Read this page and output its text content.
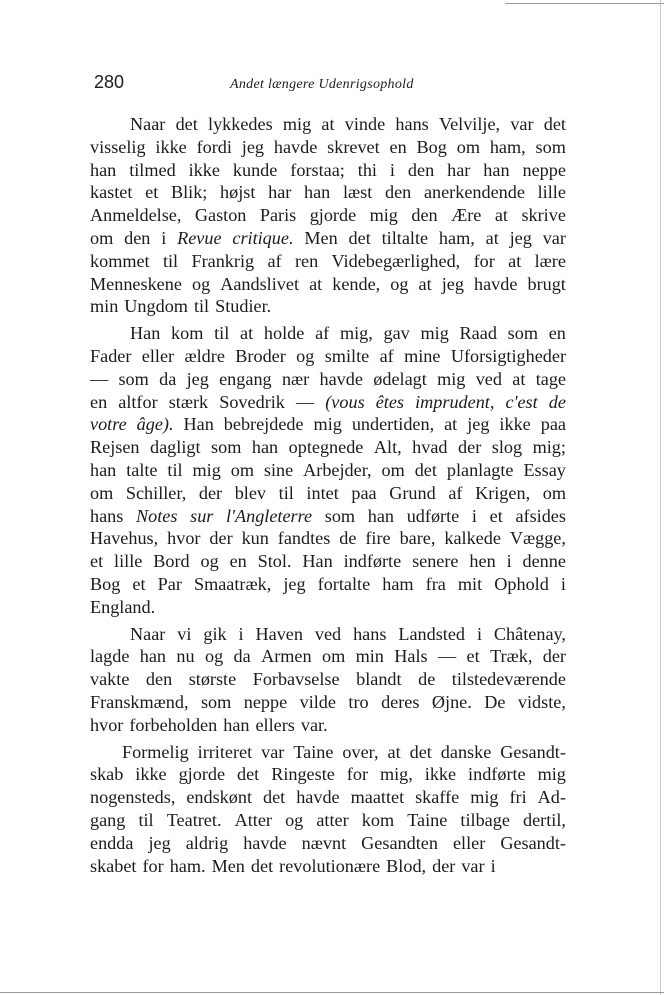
280	Andet længere Udenrigsophold
Naar det lykkedes mig at vinde hans Velvilje, var det
visselig ikke fordi jeg havde skrevet en Bog om ham, som
han tilmed ikke kunde forstaa; thi i den har han neppe
kastet et Blik; højst har han læst den anerkendende lille
Anmeldelse, Gaston Paris gjorde mig den Ære at skrive
om den i Revue critique. Men det tiltalte ham, at jeg var
kommet til Frankrig af ren Videbegærlighed, for at lære
Menneskene og Aandslivet at kende, og at jeg havde brugt
min Ungdom til Studier.
Han kom til at holde af mig, gav mig Raad som en
Fader eller ældre Broder og smilte af mine Uforsigtigheder
— som da jeg engang nær havde ødelagt mig ved at tage
en altfor stærk Sovedrik — (vous êtes imprudent, c'est de
votre âge). Han bebrejdede mig undertiden, at jeg ikke paa
Rejsen dagligt som han optegnede Alt, hvad der slog mig;
han talte til mig om sine Arbejder, om det planlagte Essay
om Schiller, der blev til intet paa Grund af Krigen, om
hans Notes sur l'Angleterre som han udførte i et afsides
Havehus, hvor der kun fandtes de fire bare, kalkede Vægge,
et lille Bord og en Stol. Han indførte senere hen i denne
Bog et Par Smaatræk, jeg fortalte ham fra mit Ophold i
England.
Naar vi gik i Haven ved hans Landsted i Châtenay,
lagde han nu og da Armen om min Hals — et Træk, der
vakte den største Forbavselse blandt de tilstedeværende
Franskmænd, som neppe vilde tro deres Øjne. De vidste,
hvor forbeholden han ellers var.
Formelig irriteret var Taine over, at det danske Gesandt-
skab ikke gjorde det Ringeste for mig, ikke indførte mig
nogensteds, endskønt det havde maattet skaffe mig fri Ad-
gang til Teatret. Atter og atter kom Taine tilbage dertil,
endda jeg aldrig havde nævnt Gesandten eller Gesandt-
skabet for ham. Men det revolutionære Blod, der var i
